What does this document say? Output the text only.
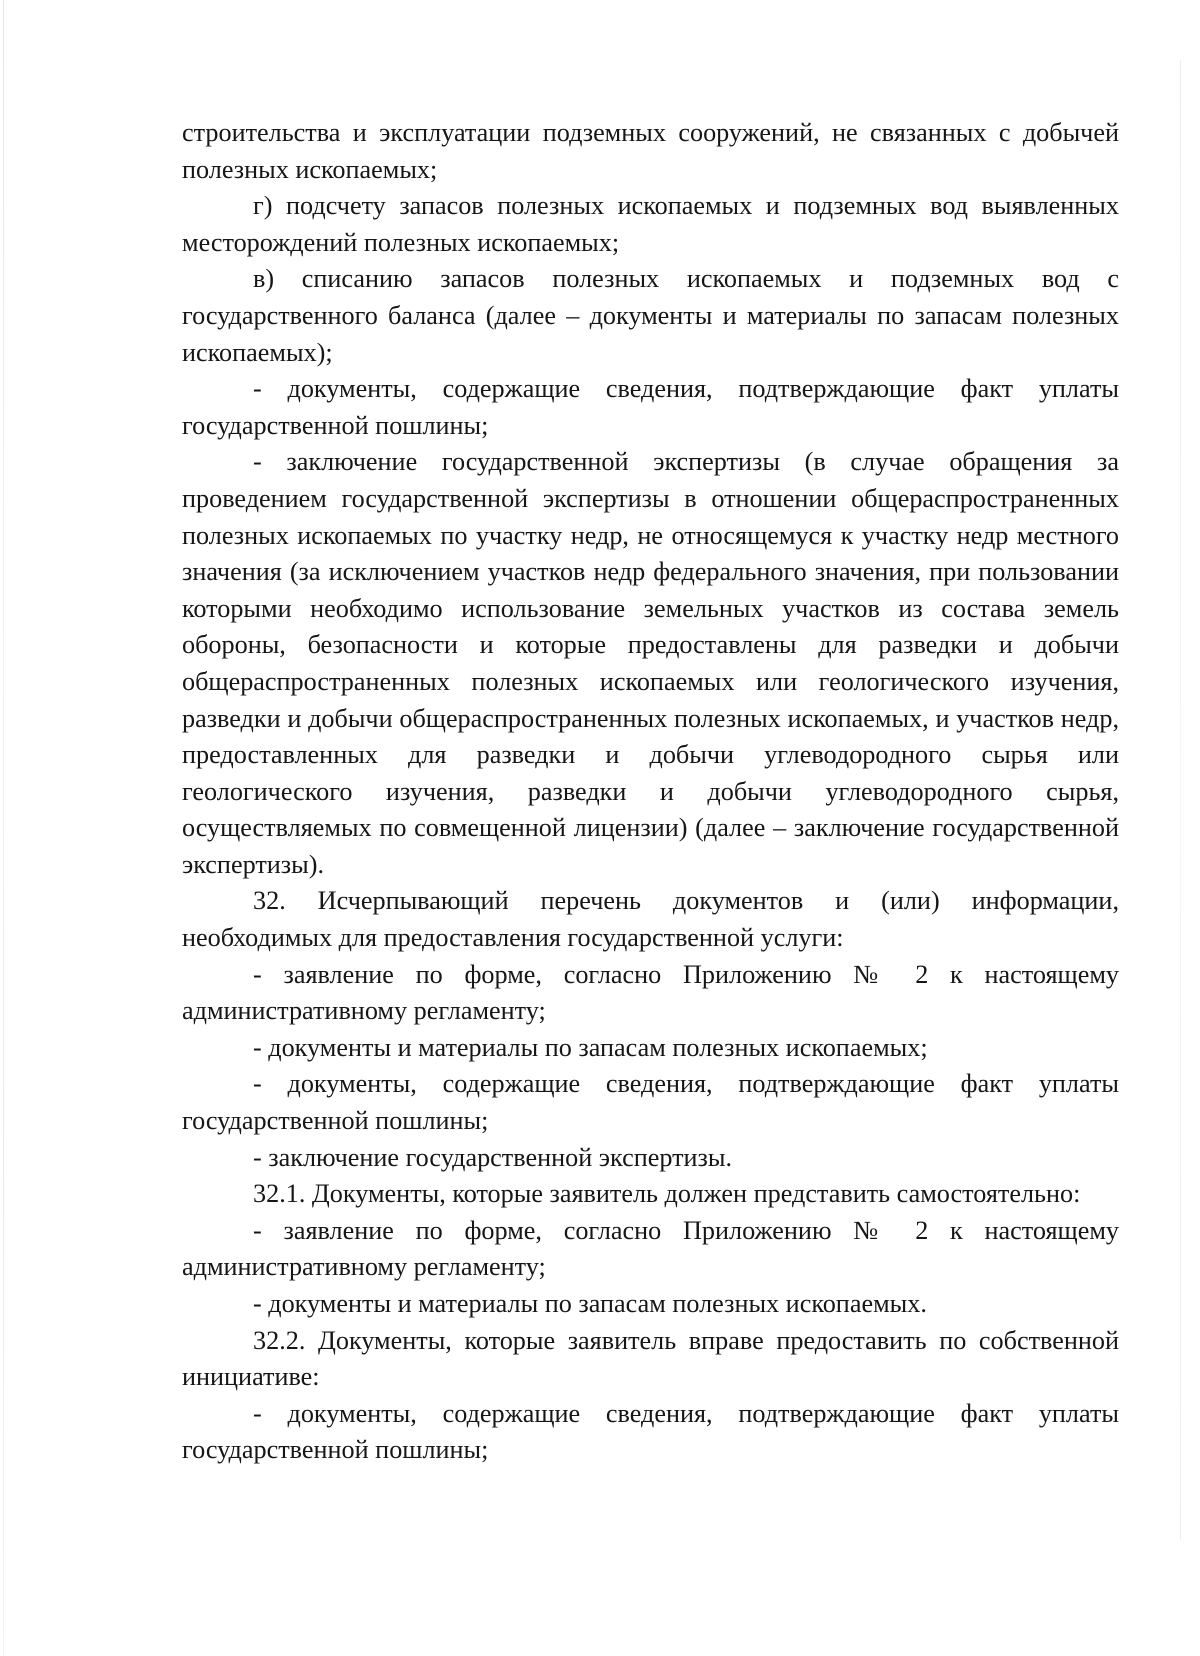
строительства и эксплуатации подземных сооружений, не связанных с добычей полезных ископаемых;

г) подсчету запасов полезных ископаемых и подземных вод выявленных месторождений полезных ископаемых;

в) списанию запасов полезных ископаемых и подземных вод с государственного баланса (далее – документы и материалы по запасам полезных ископаемых);

- документы, содержащие сведения, подтверждающие факт уплаты государственной пошлины;

- заключение государственной экспертизы (в случае обращения за проведением государственной экспертизы в отношении общераспространенных полезных ископаемых по участку недр, не относящемуся к участку недр местного значения (за исключением участков недр федерального значения, при пользовании которыми необходимо использование земельных участков из состава земель обороны, безопасности и которые предоставлены для разведки и добычи общераспространенных полезных ископаемых или геологического изучения, разведки и добычи общераспространенных полезных ископаемых, и участков недр, предоставленных для разведки и добычи углеводородного сырья или геологического изучения, разведки и добычи углеводородного сырья, осуществляемых по совмещенной лицензии) (далее – заключение государственной экспертизы).

32. Исчерпывающий перечень документов и (или) информации, необходимых для предоставления государственной услуги:

- заявление по форме, согласно Приложению № 2 к настоящему административному регламенту;

- документы и материалы по запасам полезных ископаемых;

- документы, содержащие сведения, подтверждающие факт уплаты государственной пошлины;

- заключение государственной экспертизы.

32.1. Документы, которые заявитель должен представить самостоятельно:

- заявление по форме, согласно Приложению № 2 к настоящему административному регламенту;

- документы и материалы по запасам полезных ископаемых.

32.2. Документы, которые заявитель вправе предоставить по собственной инициативе:

- документы, содержащие сведения, подтверждающие факт уплаты государственной пошлины;
